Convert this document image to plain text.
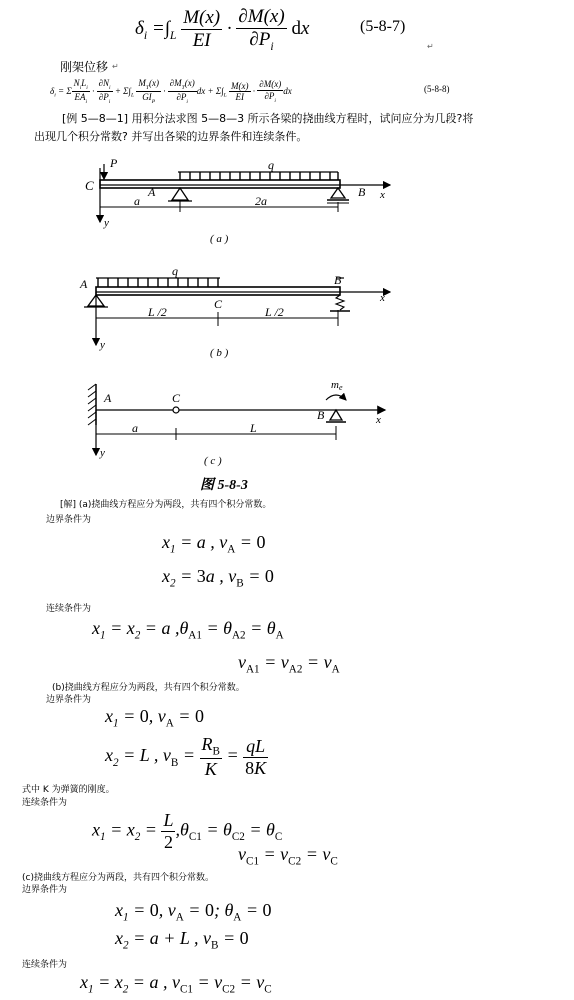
$\delta_i =\int_L \frac{M(x)}{EI} \cdot \frac{\partial M(x)}{\partial P_i}$ dx	(5-8-7)
↵
刚架位移 ↵
$\delta_i = \Sigma \frac{N_iL_i}{EA_i} \cdot \frac{\partial N_i}{\partial P_i} + \Sigma\int_L \frac{M_T(x)}{GI_P} \cdot \frac{\partial M_T(x)}{\partial P_i}$ dx + $\Sigma\int_L \frac{M(x)}{EI} \cdot \frac{\partial M(x)}{\partial P_i}$ dx	(5-8-8)
[例 5—8—1] 用积分法求图 5—8—3 所示各梁的挠曲线方程时，试问应分为几段?将
出现几个积分常数? 并写出各梁的边界条件和连续条件。
C
P
A
q
B x
y
a	2a
( a )
A
q
C
B
x
y
L /2	L /2
( b )
A	C
B
me
x
y
a	L
( c )
图 5-8-3
[解] (a)挠曲线方程应分为两段，共有四个积分常数。
边界条件为
$x_1 = a$ , $v_A = 0$
$x_2 = 3a$ , $v_B = 0$
连续条件为
$x_1 = x_2 = a$ $,\theta_{A1} = \theta_{A2} = \theta_A$
$v_{A1} = v_{A2} = v_A$
(b)挠曲线方程应分为两段，共有四个积分常数。
边界条件为
$x_1 = 0$, $v_A = 0$
$x_2 = L$ , $v_B = \frac{R_B}{K} = \frac{qL}{8K}$
式中 K 为弹簧的刚度。
连续条件为
$x_1 = x_2 = \frac{L}{2} ,\theta_{C1} = \theta_{C2} = \theta_C$
$v_{C1} = v_{C2} = v_C$
(c)挠曲线方程应分为两段，共有四个积分常数。
边界条件为
$x_1 = 0$, $v_A = 0$; $\theta_A = 0$
$x_2 = a + L$ , $v_B = 0$
连续条件为
$x_1 = x_2 = a$ , $v_{C1} = v_{C2} = v_C$
